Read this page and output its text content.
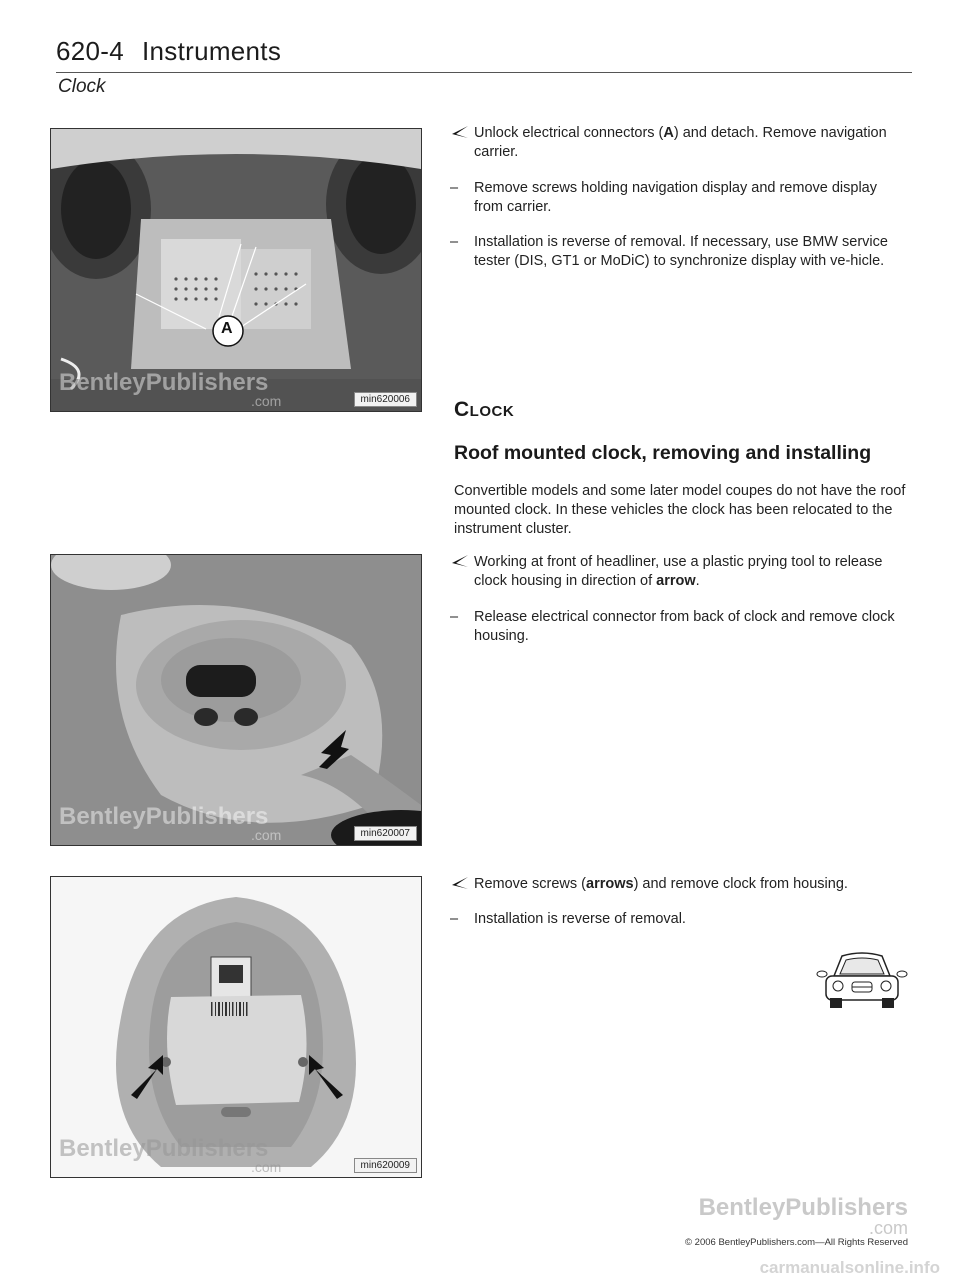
620-4 Instruments
Clock
A
BentleyPublishers
.com	min620006
BentleyPublishers
.com	min620007
BentleyPublishers
.com	min620009
Unlock electrical connectors (A) and detach. Remove navigation carrier.
–	Remove screws holding navigation display and remove display from carrier.
–	Installation is reverse of removal. If necessary, use BMW service tester (DIS, GT1 or MoDiC) to synchronize display with ve-hicle.
Clock
Roof mounted clock, removing and installing
Convertible models and some later model coupes do not have the roof mounted clock. In these vehicles the clock has been relocated to the instrument cluster.
Working at front of headliner, use a plastic prying tool to release clock housing in direction of arrow.
–	Release electrical connector from back of clock and remove clock housing.
Remove screws (arrows) and remove clock from housing.
–	Installation is reverse of removal.
BentleyPublishers
.com
© 2006 BentleyPublishers.com—All Rights Reserved
carmanualsonline.info
